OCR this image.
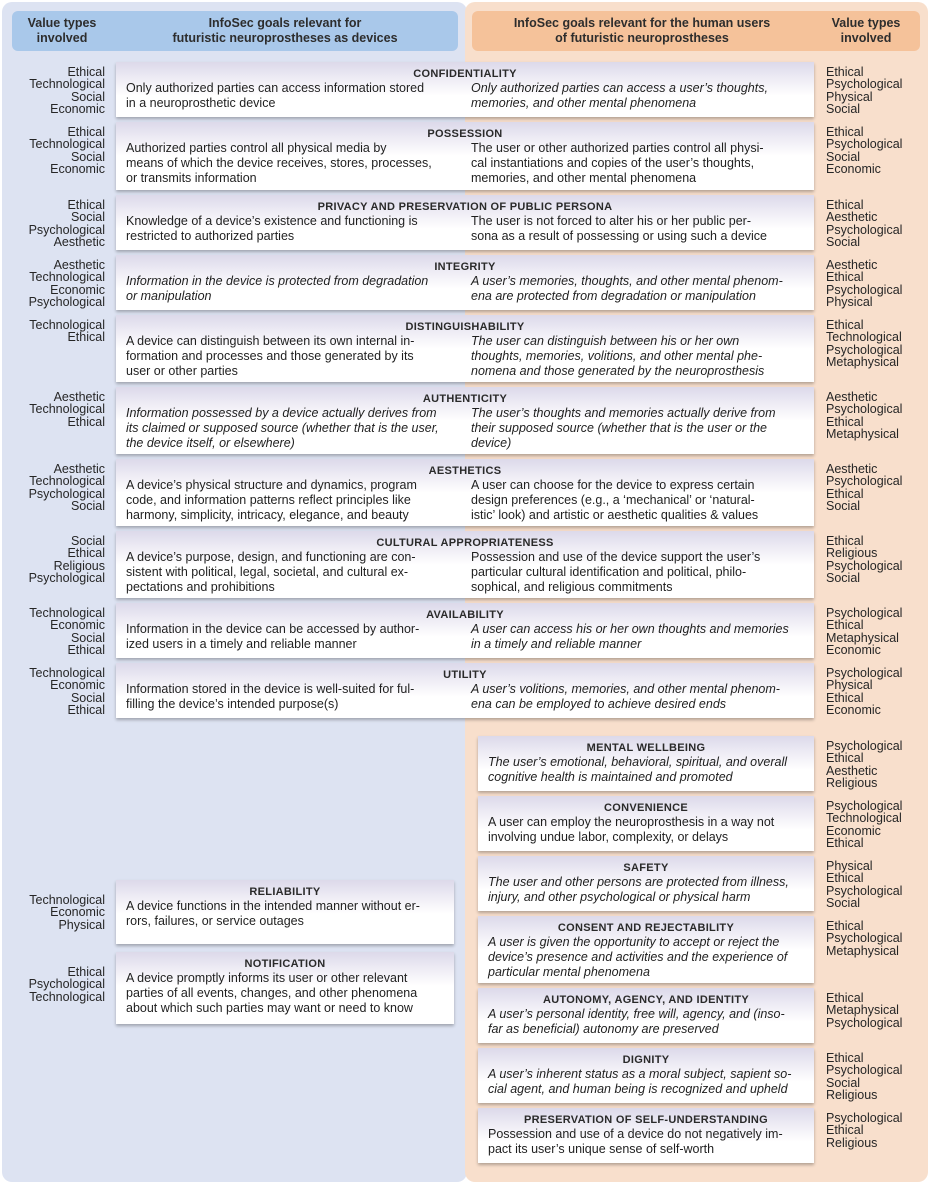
Value types
involved
InfoSec goals relevant for
futuristic neuroprostheses as devices
InfoSec goals relevant for the human users
of futuristic neuroprostheses
Value types
involved
CONFIDENTIALITY
Only authorized parties can access information stored
in a neuroprosthetic device
Only authorized parties can access a user’s thoughts,
memories, and other mental phenomena
Ethical
Technological
Social
Economic
Ethical
Psychological
Physical
Social
POSSESSION
Authorized parties control all physical media by
means of which the device receives, stores, processes,
or transmits information
The user or other authorized parties control all physi-
cal instantiations and copies of the user’s thoughts,
memories, and other mental phenomena
Ethical
Technological
Social
Economic
Ethical
Psychological
Social
Economic
PRIVACY AND PRESERVATION OF PUBLIC PERSONA
Knowledge of a device’s existence and functioning is
restricted to authorized parties
The user is not forced to alter his or her public per-
sona as a result of possessing or using such a device
Ethical
Social
Psychological
Aesthetic
Ethical
Aesthetic
Psychological
Social
INTEGRITY
Information in the device is protected from degradation
or manipulation
A user’s memories, thoughts, and other mental phenom-
ena are protected from degradation or manipulation
Aesthetic
Technological
Economic
Psychological
Aesthetic
Ethical
Psychological
Physical
DISTINGUISHABILITY
A device can distinguish between its own internal in-
formation and processes and those generated by its
user or other parties
The user can distinguish between his or her own
thoughts, memories, volitions, and other mental phe-
nomena and those generated by the neuroprosthesis
Technological
Ethical
Ethical
Technological
Psychological
Metaphysical
AUTHENTICITY
Information possessed by a device actually derives from
its claimed or supposed source (whether that is the user,
the device itself, or elsewhere)
The user’s thoughts and memories actually derive from
their supposed source (whether that is the user or the
device)
Aesthetic
Technological
Ethical
Aesthetic
Psychological
Ethical
Metaphysical
AESTHETICS
A device’s physical structure and dynamics, program
code, and information patterns reflect principles like
harmony, simplicity, intricacy, elegance, and beauty
A user can choose for the device to express certain
design preferences (e.g., a ‘mechanical’ or ‘natural-
istic’ look) and artistic or aesthetic qualities & values
Aesthetic
Technological
Psychological
Social
Aesthetic
Psychological
Ethical
Social
CULTURAL APPROPRIATENESS
A device’s purpose, design, and functioning are con-
sistent with political, legal, societal, and cultural ex-
pectations and prohibitions
Possession and use of the device support the user’s
particular cultural identification and political, philo-
sophical, and religious commitments
Social
Ethical
Religious
Psychological
Ethical
Religious
Psychological
Social
AVAILABILITY
Information in the device can be accessed by author-
ized users in a timely and reliable manner
A user can access his or her own thoughts and memories
in a timely and reliable manner
Technological
Economic
Social
Ethical
Psychological
Ethical
Metaphysical
Economic
UTILITY
Information stored in the device is well-suited for ful-
filling the device’s intended purpose(s)
A user’s volitions, memories, and other mental phenom-
ena can be employed to achieve desired ends
Technological
Economic
Social
Ethical
Psychological
Physical
Ethical
Economic
RELIABILITY
A device functions in the intended manner without er-
rors, failures, or service outages
Technological
Economic
Physical
NOTIFICATION
A device promptly informs its user or other relevant
parties of all events, changes, and other phenomena
about which such parties may want or need to know
Ethical
Psychological
Technological
MENTAL WELLBEING
The user’s emotional, behavioral, spiritual, and overall
cognitive health is maintained and promoted
Psychological
Ethical
Aesthetic
Religious
CONVENIENCE
A user can employ the neuroprosthesis in a way not
involving undue labor, complexity, or delays
Psychological
Technological
Economic
Ethical
SAFETY
The user and other persons are protected from illness,
injury, and other psychological or physical harm
Physical
Ethical
Psychological
Social
CONSENT AND REJECTABILITY
A user is given the opportunity to accept or reject the
device’s presence and activities and the experience of
particular mental phenomena
Ethical
Psychological
Metaphysical
AUTONOMY, AGENCY, AND IDENTITY
A user’s personal identity, free will, agency, and (inso-
far as beneficial) autonomy are preserved
Ethical
Metaphysical
Psychological
DIGNITY
A user’s inherent status as a moral subject, sapient so-
cial agent, and human being is recognized and upheld
Ethical
Psychological
Social
Religious
PRESERVATION OF SELF-UNDERSTANDING
Possession and use of a device do not negatively im-
pact its user’s unique sense of self-worth
Psychological
Ethical
Religious
